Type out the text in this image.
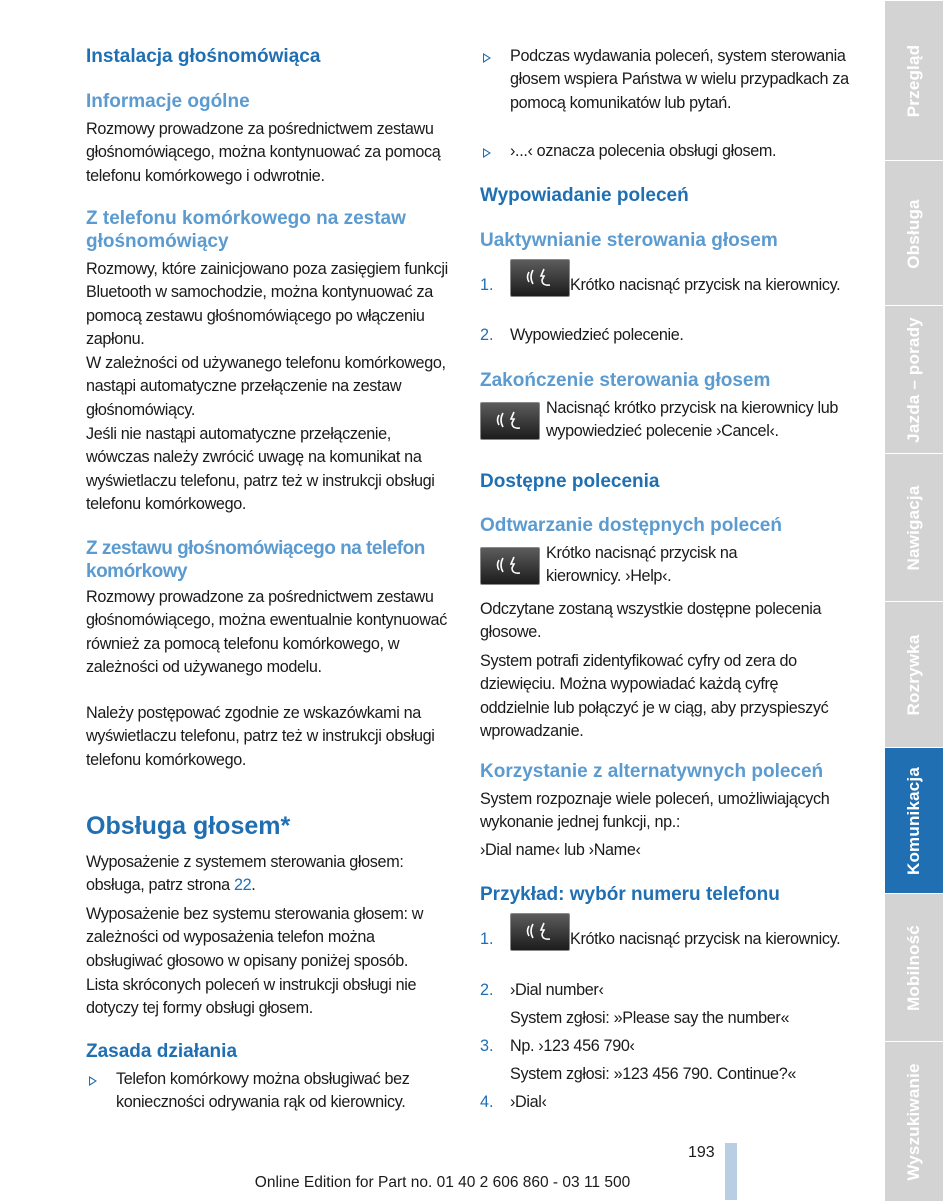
Instalacja głośnomówiąca
Informacje ogólne

Rozmowy prowadzone za pośrednictwem zestawu głośnomówiącego, można kontynuować za pomocą telefonu komórkowego i odwrotnie.

Z telefonu komórkowego na zestaw głośnomówiący

Rozmowy, które zainicjowano poza zasięgiem funkcji Bluetooth w samochodzie, można kontynuować za pomocą zestawu głośnomówiącego po włączeniu zapłonu.

W zależności od używanego telefonu komórkowego, nastąpi automatyczne przełączenie na zestaw głośnomówiący.

Jeśli nie nastąpi automatyczne przełączenie, wówczas należy zwrócić uwagę na komunikat na wyświetlaczu telefonu, patrz też w instrukcji obsługi telefonu komórkowego.

Z zestawu głośnomówiącego na telefon komórkowy

Rozmowy prowadzone za pośrednictwem zestawu głośnomówiącego, można ewentualnie kontynuować również za pomocą telefonu komórkowego, w zależności od używanego modelu.

Należy postępować zgodnie ze wskazówkami na wyświetlaczu telefonu, patrz też w instrukcji obsługi telefonu komórkowego.

Obsługa głosem*

Wyposażenie z systemem sterowania głosem: obsługa, patrz strona 22.

Wyposażenie bez systemu sterowania głosem: w zależności od wyposażenia telefon można obsługiwać głosowo w opisany poniżej sposób.

Lista skróconych poleceń w instrukcji obsługi nie dotyczy tej formy obsługi głosem.

Zasada działania

Telefon komórkowy można obsługiwać bez konieczności odrywania rąk od kierownicy.

Podczas wydawania poleceń, system sterowania głosem wspiera Państwa w wielu przypadkach za pomocą komunikatów lub pytań.

›...‹ oznacza polecenia obsługi głosem.

Wypowiadanie poleceń
Uaktywnianie sterowania głosem
1.	Krótko nacisnąć przycisk na kierownicy.

2. Wypowiedzieć polecenie.

Zakończenie sterowania głosem

Nacisnąć krótko przycisk na kierownicy lub wypowiedzieć polecenie ›Cancel‹.

Dostępne polecenia
Odtwarzanie dostępnych poleceń

Krótko nacisnąć przycisk na kierownicy. ›Help‹.

Odczytane zostaną wszystkie dostępne polecenia głosowe.

System potrafi zidentyfikować cyfry od zera do dziewięciu. Można wypowiadać każdą cyfrę oddzielnie lub połączyć je w ciąg, aby przyspieszyć wprowadzanie.

Korzystanie z alternatywnych poleceń

System rozpoznaje wiele poleceń, umożliwiających wykonanie jednej funkcji, np.:

›Dial name‹ lub ›Name‹

Przykład: wybór numeru telefonu
1.	Krótko nacisnąć przycisk na kierownicy.

2. ›Dial number‹

System zgłosi: »Please say the number«

3. Np. ›123 456 790‹

System zgłosi: »123 456 790. Continue?«

4. ›Dial‹

Przegląd
Obsługa
Jazda – porady
Nawigacja
Rozrywka
Komunikacja
Mobilność
Wyszukiwanie
193
Online Edition for Part no. 01 40 2 606 860 - 03 11 500
